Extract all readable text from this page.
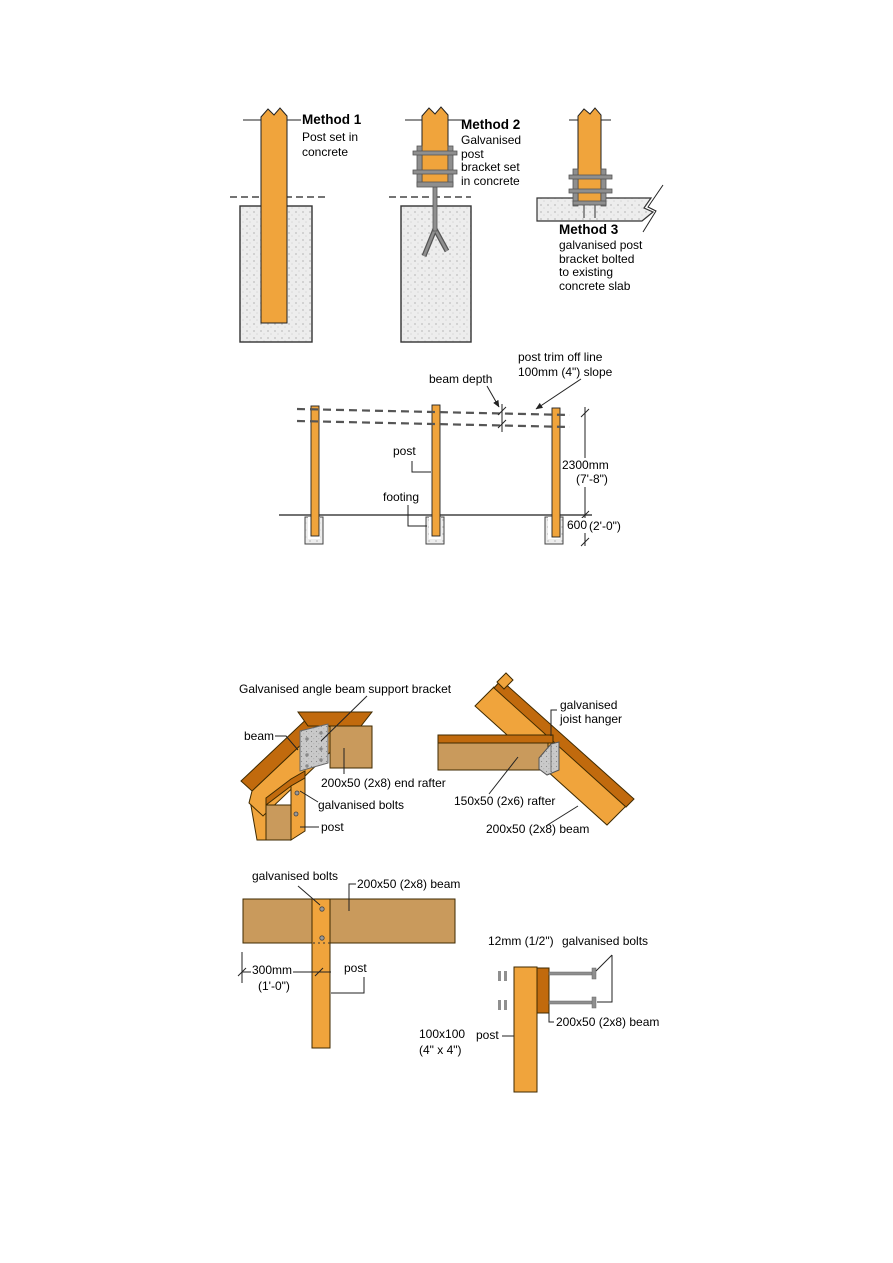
Method 1
Post set in
concrete
Method 2
Galvanised
post
bracket set
in concrete
Method 3
galvanised post
bracket bolted
to existing
concrete slab
beam depth
post trim off line
100mm (4") slope
post
footing
2300mm
(7'-8")
600 (2'-0")
Galvanised angle beam support bracket
beam
200x50 (2x8) end rafter
galvanised bolts
post
galvanised
joist hanger
150x50 (2x6) rafter
200x50 (2x8) beam
galvanised bolts
200x50 (2x8) beam
300mm
(1'-0")
post
12mm (1/2") galvanised bolts
200x50 (2x8) beam
100x100
(4" x 4")
post
